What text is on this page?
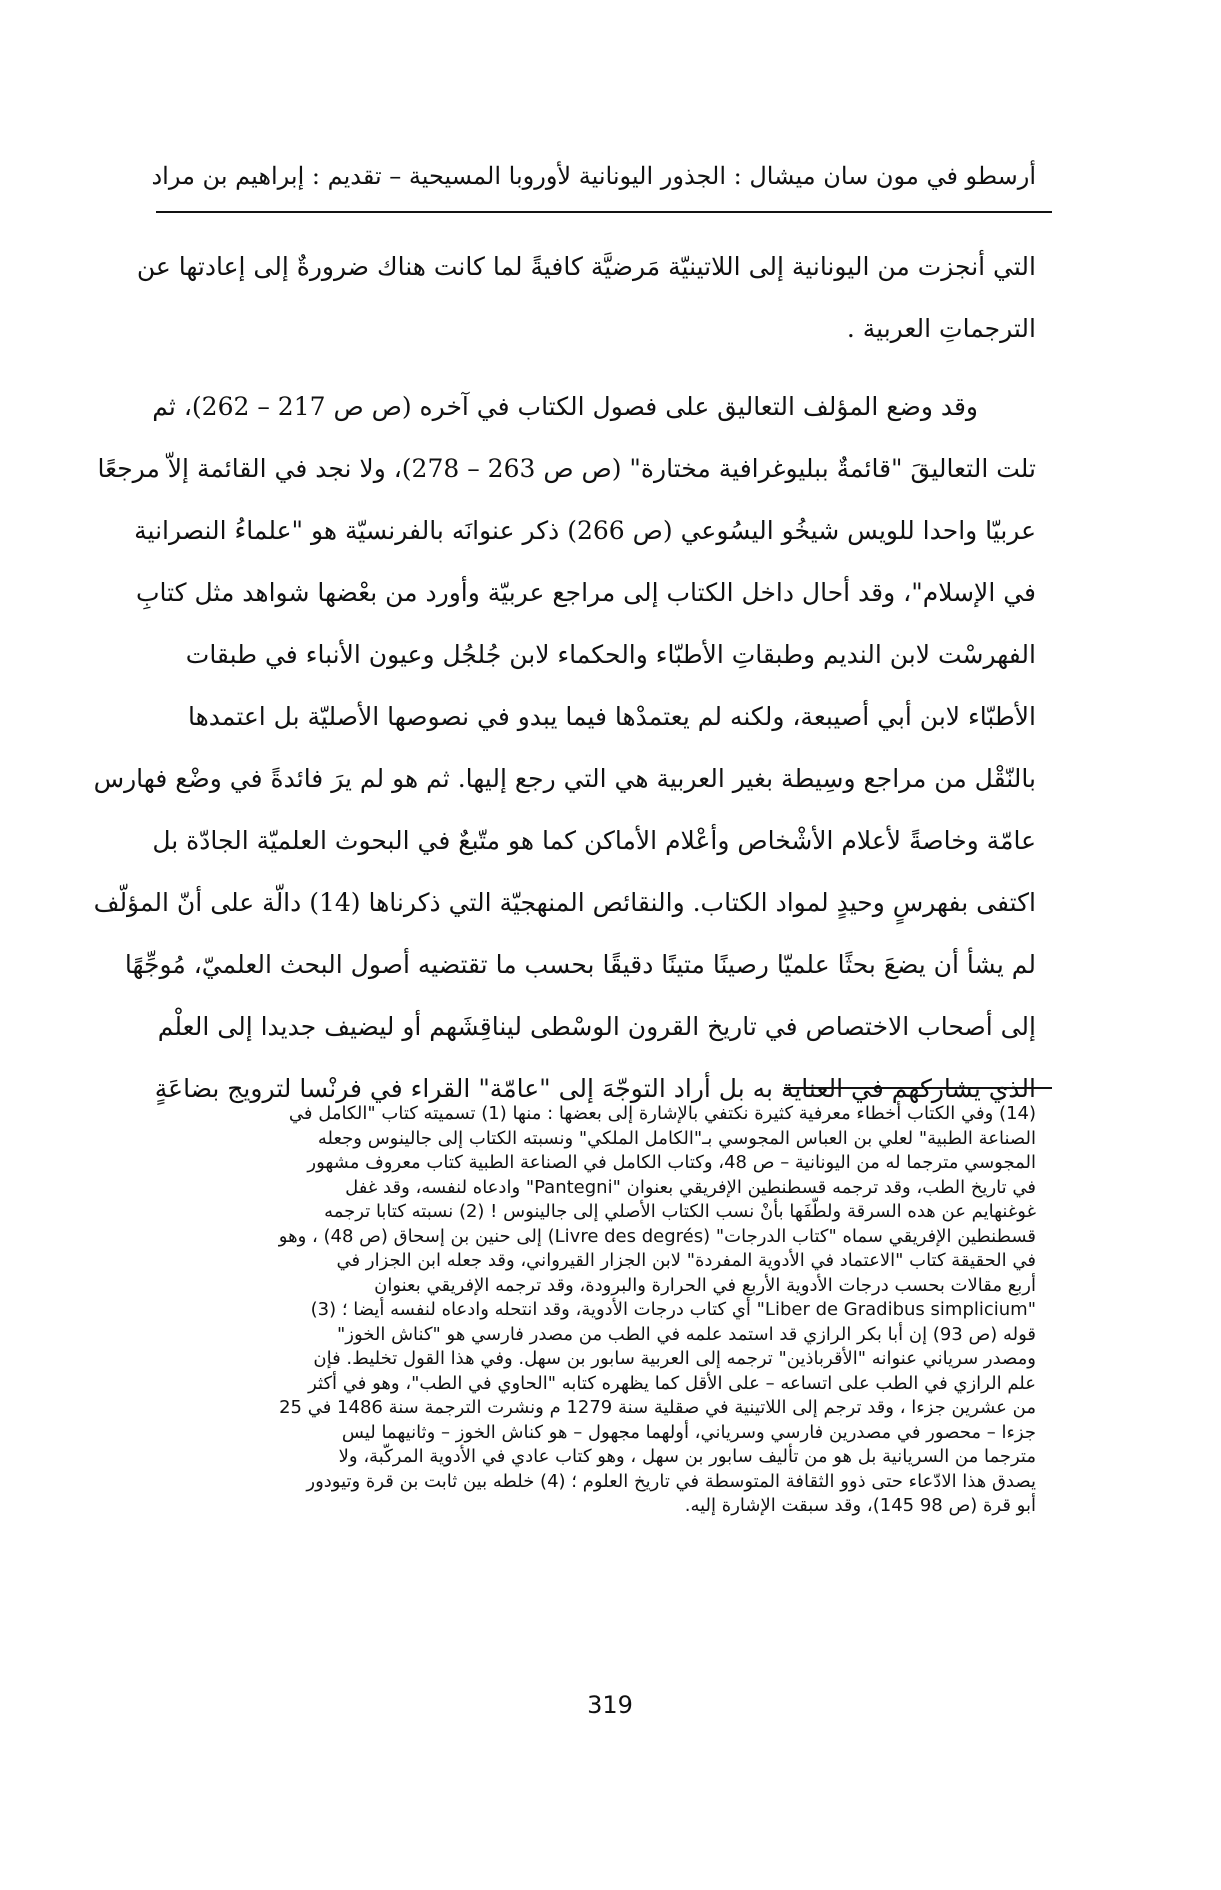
أرسطو في مون سان ميشال : الجذور اليونانية لأوروبا المسيحية – تقديم : إبراهيم بن مراد
التي أنجزت من اليونانية إلى اللاتينيّة مَرضيَّة كافيةً لما كانت هناك ضرورةٌ إلى إعادتها عن
الترجماتِ العربية .
وقد وضع المؤلف التعاليق على فصول الكتاب في آخره (ص ص 217 – 262)، ثم
تلت التعاليقَ "قائمةٌ ببليوغرافية مختارة" (ص ص 263 – 278)، ولا نجد في القائمة إلاّ مرجعًا
عربيّا واحدا للويس شيخُو اليسُوعي (ص 266) ذكر عنوانَه بالفرنسيّة هو "علماءُ النصرانية
في الإسلام"، وقد أحال داخل الكتاب إلى مراجع عربيّة وأورد من بعْضها شواهد مثل كتابِ
الفهرسْت لابن النديم وطبقاتِ الأطبّاء والحكماء لابن جُلجُل وعيون الأنباء في طبقات
الأطبّاء لابن أبي أصيبعة، ولكنه لم يعتمدْها فيما يبدو في نصوصها الأصليّة بل اعتمدها
بالنّقْل من مراجع وسِيطة بغير العربية هي التي رجع إليها. ثم هو لم يرَ فائدةً في وضْع فهارس
عامّة وخاصةً لأعلام الأشْخاص وأعْلام الأماكن كما هو متّبعٌ في البحوث العلميّة الجادّة بل
اكتفى بفهرسٍ وحيدٍ لمواد الكتاب. والنقائص المنهجيّة التي ذكرناها (14) دالّة على أنّ المؤلّف
لم يشأ أن يضعَ بحثًا علميّا رصينًا متينًا دقيقًا بحسب ما تقتضيه أصول البحث العلميّ، مُوجِّهًا
إلى أصحاب الاختصاص في تاريخ القرون الوسْطى ليناقِشَهم أو ليضيف جديدا إلى العلْم
الذي يشاركهم في العناية به بل أراد التوجّهَ إلى "عامّة" القراء في فرنْسا لترويج بضاعَةٍ
(14) وفي الكتاب أخطاء معرفية كثيرة نكتفي بالإشارة إلى بعضها : منها (1) تسميته كتاب "الكامل في
الصناعة الطبية" لعلي بن العباس المجوسي بـ"الكامل الملكي" ونسبته الكتاب إلى جالينوس وجعله
المجوسي مترجما له من اليونانية – ص 48، وكتاب الكامل في الصناعة الطبية كتاب معروف مشهور
في تاريخ الطب، وقد ترجمه قسطنطين الإفريقي بعنوان "Pantegni" وادعاه لنفسه، وقد غفل
غوغنهايم عن هده السرقة ولطّفَها بأنْ نسب الكتاب الأصلي إلى جالينوس ! (2) نسبته كتابا ترجمه
قسطنطين الإفريقي سماه "كتاب الدرجات" (Livre des degrés) إلى حنين بن إسحاق (ص 48) ، وهو
في الحقيقة كتاب "الاعتماد في الأدوية المفردة" لابن الجزار القيرواني، وقد جعله ابن الجزار في
أربع مقالات بحسب درجات الأدوية الأربع في الحرارة والبرودة، وقد ترجمه الإفريقي بعنوان
"Liber de Gradibus simplicium" أي كتاب درجات الأدوية، وقد انتحله وادعاه لنفسه أيضا ؛ (3)
قوله (ص 93) إن أبا بكر الرازي قد استمد علمه في الطب من مصدر فارسي هو "كناش الخوز"
ومصدر سرياني عنوانه "الأقرباذين" ترجمه إلى العربية سابور بن سهل. وفي هذا القول تخليط. فإن
علم الرازي في الطب على اتساعه – على الأقل كما يظهره كتابه "الحاوي في الطب"، وهو في أكثر
من عشرين جزءا ، وقد ترجم إلى اللاتينية في صقلية سنة 1279 م ونشرت الترجمة سنة 1486 في 25
جزءا – محصور في مصدرين فارسي وسرياني، أولهما مجهول – هو كناش الخوز – وثانيهما ليس
مترجما من السريانية بل هو من تأليف سابور بن سهل ، وهو كتاب عادي في الأدوية المركّبة، ولا
يصدق هذا الادّعاء حتى ذوو الثقافة المتوسطة في تاريخ العلوم ؛ (4) خلطه بين ثابت بن قرة وتيودور
أبو قرة (ص 98 145)، وقد سبقت الإشارة إليه.
319
